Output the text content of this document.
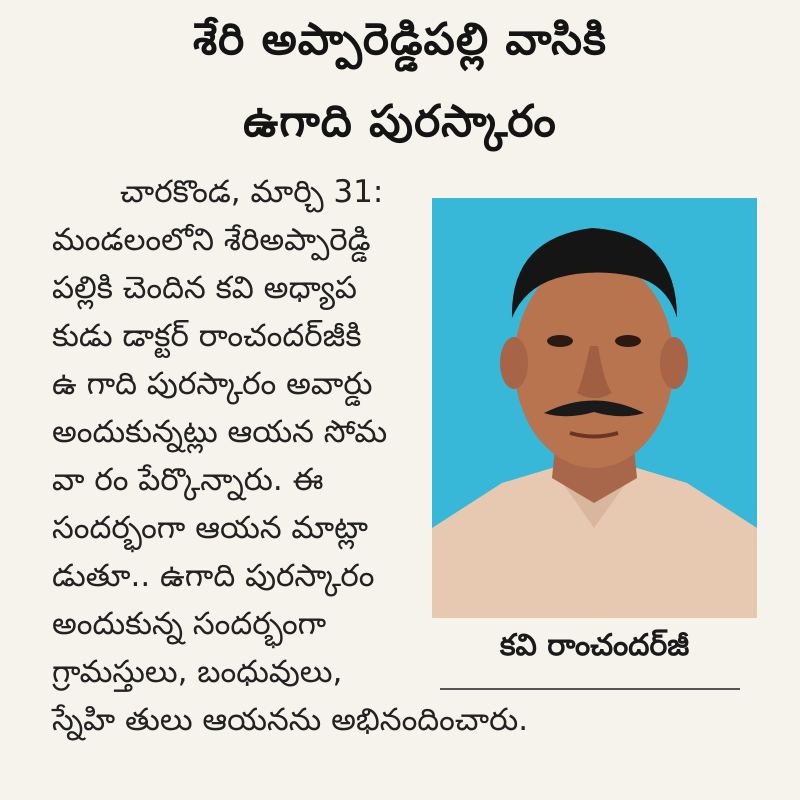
శేరి అప్పారెడ్డిపల్లి వాసికి
ఉగాది పురస్కారం
చారకొండ, మార్చి 31:
మండలంలోని శేరిఅప్పారెడ్డి
పల్లికి చెందిన కవి అధ్యాప
కుడు డాక్టర్ రాంచందర్‌జీకి
ఉ గాది పురస్కారం అవార్డు
అందుకున్నట్లు ఆయన సోమ
వా రం పేర్కొన్నారు. ఈ
సందర్భంగా ఆయన మాట్లా
డుతూ.. ఉగాది పురస్కారం
అందుకున్న సందర్భంగా
గ్రామస్తులు, బంధువులు,
స్నేహి తులు ఆయనను అభినందించారు.
కవి రాంచందర్‌జీ
